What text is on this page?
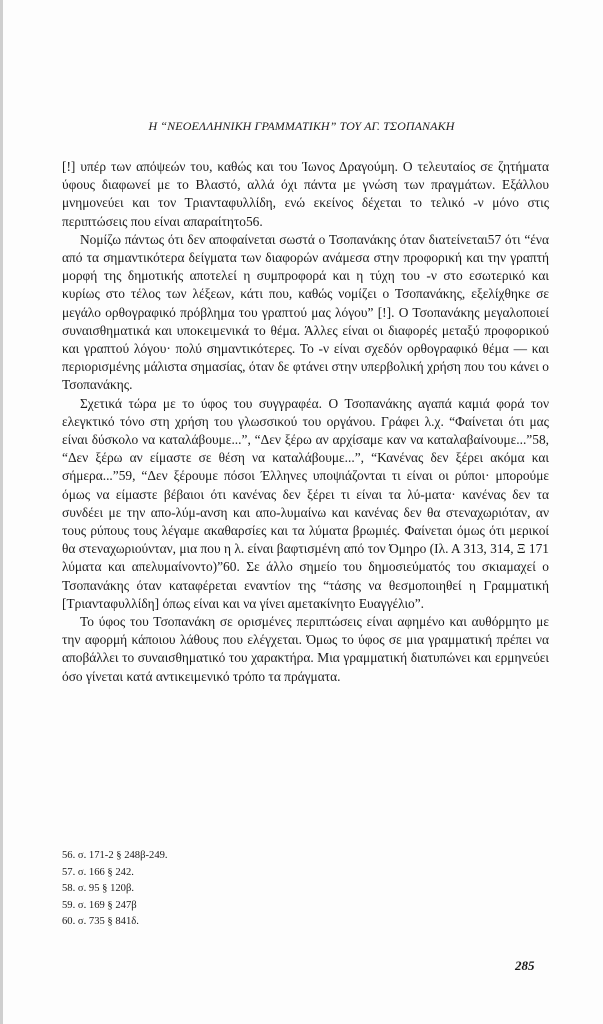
Η “ΝΕΟΕΛΛΗΝΙΚΗ ΓΡΑΜΜΑΤΙΚΗ” ΤΟΥ ΑΓ. ΤΣΟΠΑΝΑΚΗ

[!] υπέρ των απόψεών του, καθώς και του Ίωνος Δραγούμη. Ο τελευταίος σε ζητήματα ύφους διαφωνεί με το Βλαστό, αλλά όχι πάντα με γνώση των πραγμάτων. Εξάλλου μνημονεύει και τον Τριανταφυλλίδη, ενώ εκείνος δέχεται το τελικό -ν μόνο στις περιπτώσεις που είναι απαραίτητο56.

Νομίζω πάντως ότι δεν αποφαίνεται σωστά ο Τσοπανάκης όταν διατείνεται57 ότι “ένα από τα σημαντικότερα δείγματα των διαφορών ανάμεσα στην προφορική και την γραπτή μορφή της δημοτικής αποτελεί η συμπροφορά και η τύχη του -ν στο εσωτερικό και κυρίως στο τέλος των λέξεων, κάτι που, καθώς νομίζει ο Τσοπανάκης, εξελίχθηκε σε μεγάλο ορθογραφικό πρόβλημα του γραπτού μας λόγου” [!]. Ο Τσοπανάκης μεγαλοποιεί συναισθηματικά και υποκειμενικά το θέμα. Άλλες είναι οι διαφορές μεταξύ προφορικού και γραπτού λόγου· πολύ σημαντικότερες. Το -ν είναι σχεδόν ορθογραφικό θέμα — και περιορισμένης μάλιστα σημασίας, όταν δε φτάνει στην υπερβολική χρήση που του κάνει ο Τσοπανάκης.

Σχετικά τώρα με το ύφος του συγγραφέα. Ο Τσοπανάκης αγαπά καμιά φορά τον ελεγκτικό τόνο στη χρήση του γλωσσικού του οργάνου. Γράφει λ.χ. “Φαίνεται ότι μας είναι δύσκολο να καταλάβουμε...”, “Δεν ξέρω αν αρχίσαμε καν να καταλαβαίνουμε...”58, “Δεν ξέρω αν είμαστε σε θέση να καταλάβουμε...”, “Κανένας δεν ξέρει ακόμα και σήμερα...”59, “Δεν ξέρουμε πόσοι Έλληνες υποψιάζονται τι είναι οι ρύποι· μπορούμε όμως να είμαστε βέβαιοι ότι κανένας δεν ξέρει τι είναι τα λύ-ματα· κανένας δεν τα συνδέει με την απο-λύμ-ανση και απο-λυμαίνω και κανένας δεν θα στεναχωριόταν, αν τους ρύπους τους λέγαμε ακαθαρσίες και τα λύματα βρωμιές. Φαίνεται όμως ότι μερικοί θα στεναχωριούνταν, μια που η λ. είναι βαφτισμένη από τον Όμηρο (Ιλ. Α 313, 314, Ξ 171 λύματα και απελυμαίνοντο)”60. Σε άλλο σημείο του δημοσιεύματός του σκιαμαχεί ο Τσοπανάκης όταν καταφέρεται εναντίον της “τάσης να θεσμοποιηθεί η Γραμματική [Τριανταφυλλίδη] όπως είναι και να γίνει αμετακίνητο Ευαγγέλιο”.

Το ύφος του Τσοπανάκη σε ορισμένες περιπτώσεις είναι αφημένο και αυθόρμητο με την αφορμή κάποιου λάθους που ελέγχεται. Όμως το ύφος σε μια γραμματική πρέπει να αποβάλλει το συναισθηματικό του χαρακτήρα. Μια γραμματική διατυπώνει και ερμηνεύει όσο γίνεται κατά αντικειμενικό τρόπο τα πράγματα.

56. σ. 171-2 § 248β-249.
57. σ. 166 § 242.
58. σ. 95 § 120β.
59. σ. 169 § 247β
60. σ. 735 § 841δ.
285
